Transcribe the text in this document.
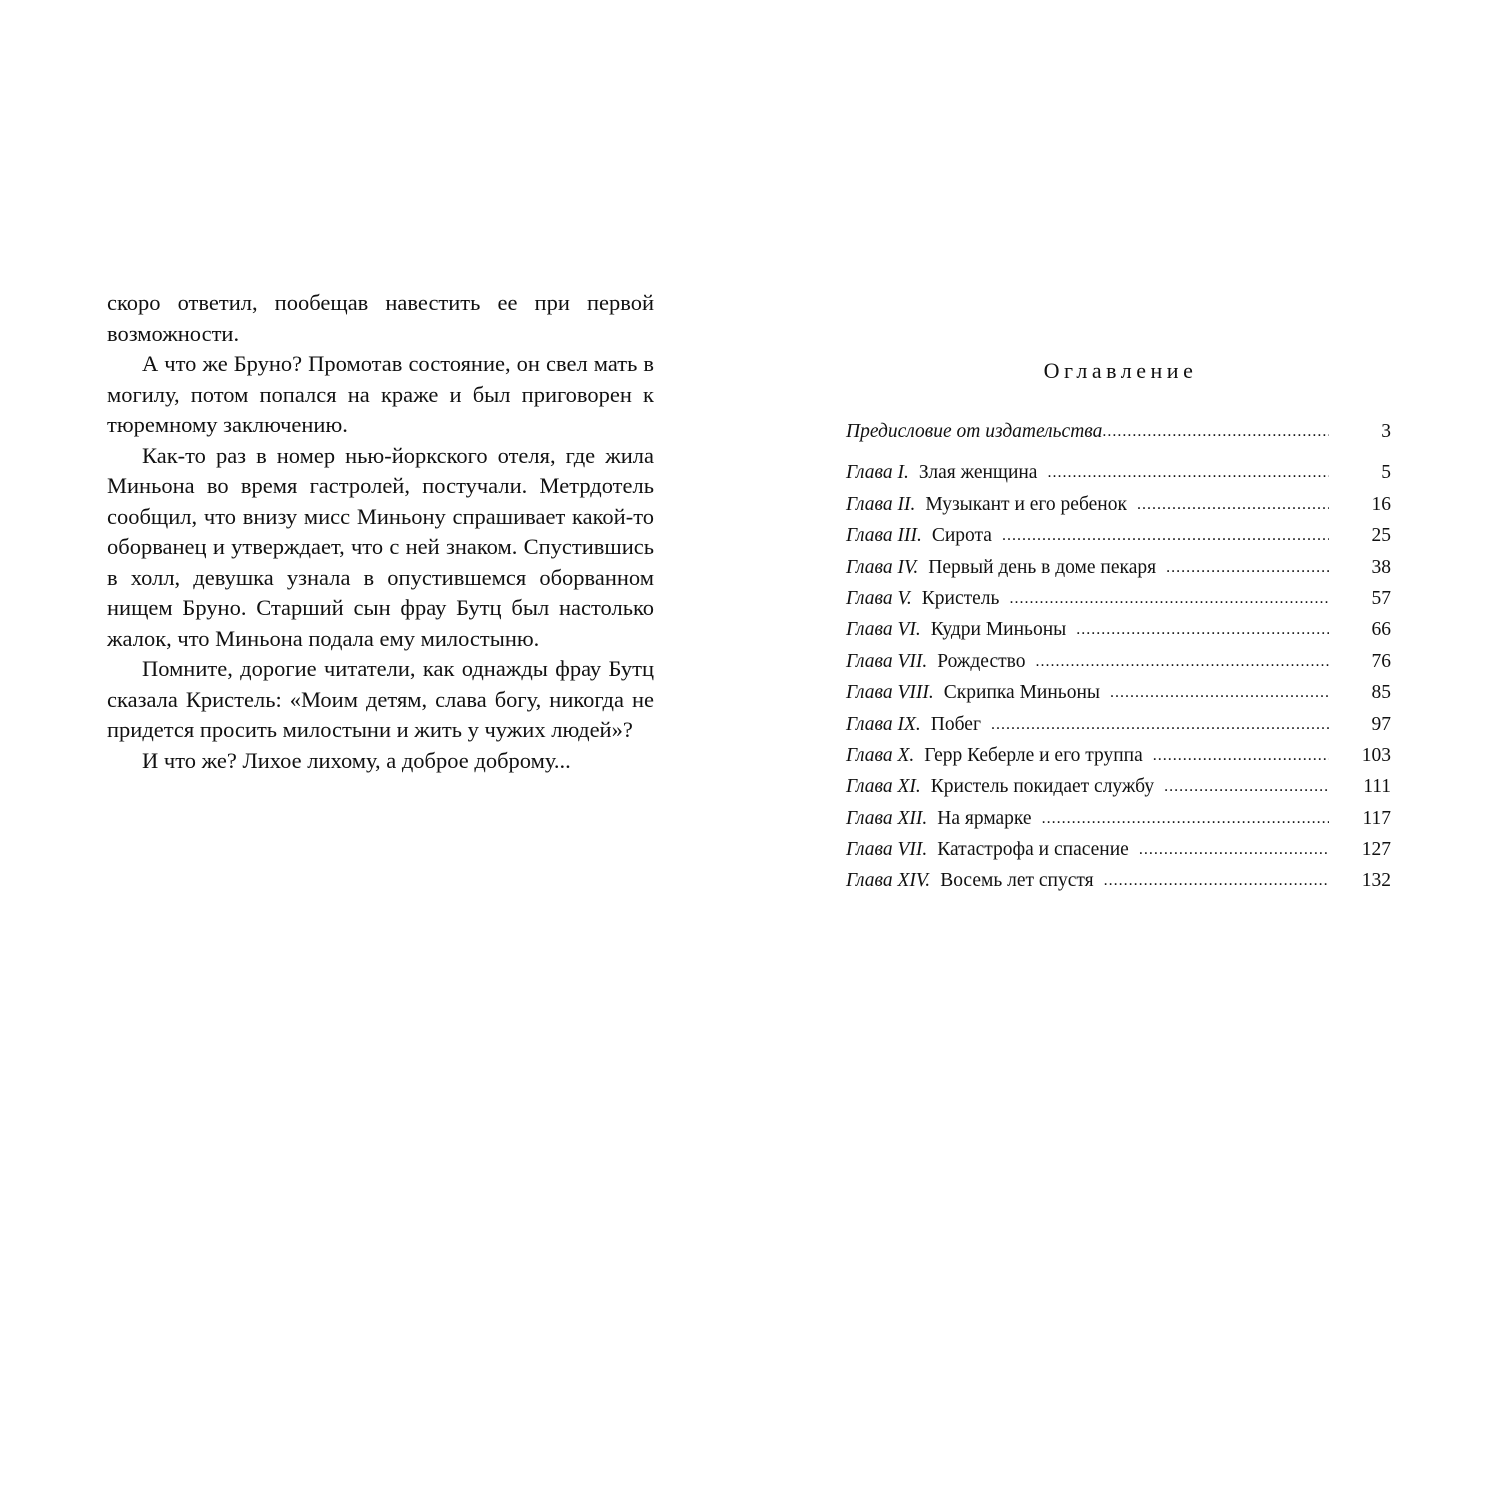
скоро ответил, пообещав навестить ее при первой возможности.

А что же Бруно? Промотав состояние, он свел мать в могилу, потом попался на краже и был приговорен к тюремному заключению.

Как-то раз в номер нью-йоркского отеля, где жила Миньона во время гастролей, постучали. Метрдотель сообщил, что внизу мисс Миньону спрашивает какой-то оборванец и утверждает, что с ней знаком. Спустившись в холл, девушка узнала в опустившемся оборванном нищем Бруно. Старший сын фрау Бутц был настолько жалок, что Миньона подала ему милостыню.

Помните, дорогие читатели, как однажды фрау Бутц сказала Кристель: «Моим детям, слава богу, никогда не придется просить милостыни и жить у чужих людей»?

И что же? Лихое лихому, а доброе доброму...

Оглавление
Предисловие от издательства .....	3
Глава I. Злая женщина .....	5
Глава II. Музыкант и его ребенок .....	16
Глава III. Сирота .....	25
Глава IV. Первый день в доме пекаря .....	38
Глава V. Кристель .....	57
Глава VI. Кудри Миньоны .....	66
Глава VII. Рождество .....	76
Глава VIII. Скрипка Миньоны .....	85
Глава IX. Побег .....	97
Глава X. Герр Кеберле и его труппа .....	103
Глава XI. Кристель покидает службу .....	111
Глава XII. На ярмарке .....	117
Глава VII. Катастрофа и спасение .....	127
Глава XIV. Восемь лет спустя .....	132
